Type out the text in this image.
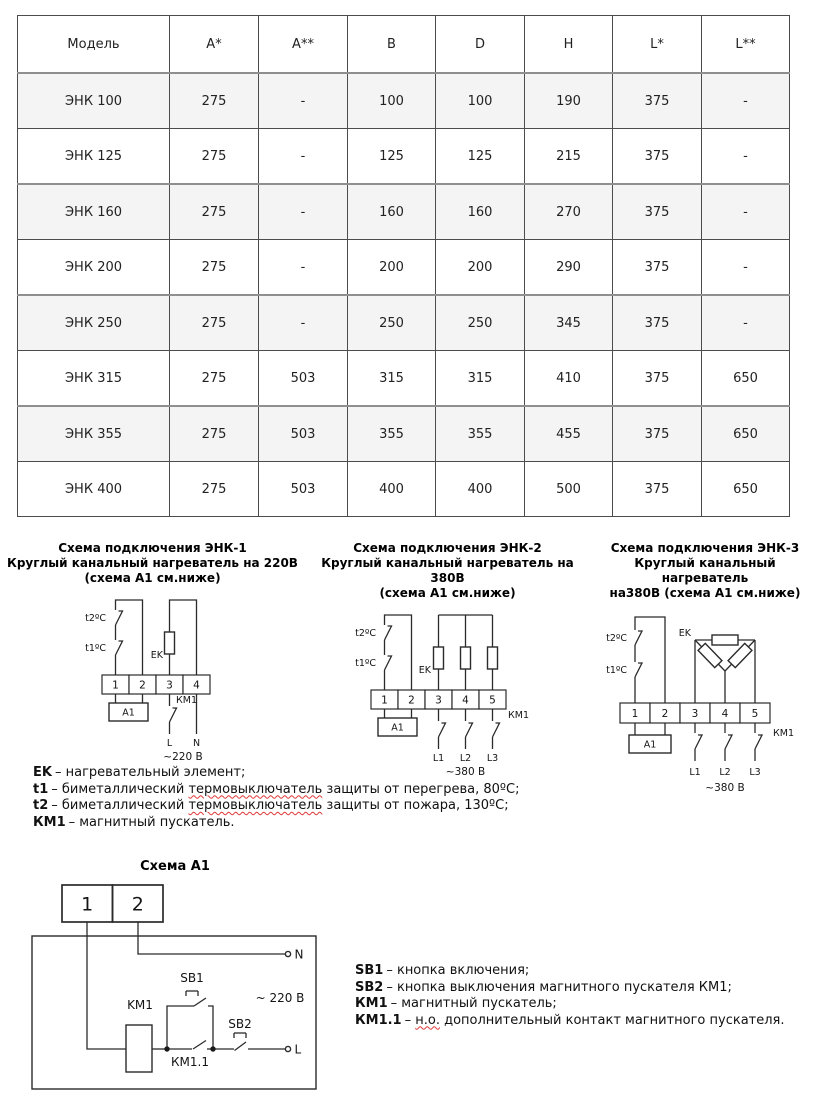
Модель	A*	A**	B	D	H	L*	L**
ЭНК 100	275	-	100	100	190	375	-
ЭНК 125	275	-	125	125	215	375	-
ЭНК 160	275	-	160	160	270	375	-
ЭНК 200	275	-	200	200	290	375	-
ЭНК 250	275	-	250	250	345	375	-
ЭНК 315	275	503	315	315	410	375	650
ЭНК 355	275	503	355	355	455	375	650
ЭНК 400	275	503	400	400	500	375	650
Схема подключения ЭНК-1
Круглый канальный нагреватель на 220В
(схема А1 см.ниже)
1 2 3 4
t2ºC
t1ºC
EK
А1
КМ1
L N
~220 В
Схема подключения ЭНК-2
Круглый канальный нагреватель на 380В
(схема А1 см.ниже)
1 2 3 4 5
t2ºC
t1ºC
EK
А1
КМ1
L1 L2 L3
~380 В
Схема подключения ЭНК-3
Круглый канальный нагреватель
на380В (схема А1 см.ниже)
1 2 3 4 5
t2ºC
t1ºC
EK
А1
КМ1
L1 L2 L3
~380 В
EK – нагревательный элемент;
t1 – биметаллический термовыключатель защиты от перегрева, 80ºС;
t2 – биметаллический термовыключатель защиты от пожара, 130ºС;
КМ1 – магнитный пускатель.
Схема А1
1 2
KM1
SB1
SB2
КМ1.1
N
L
~ 220 В
SB1 – кнопка включения;
SB2 – кнопка выключения магнитного пускателя КМ1;
КМ1 – магнитный пускатель;
КМ1.1 – н.о. дополнительный контакт магнитного пускателя.
